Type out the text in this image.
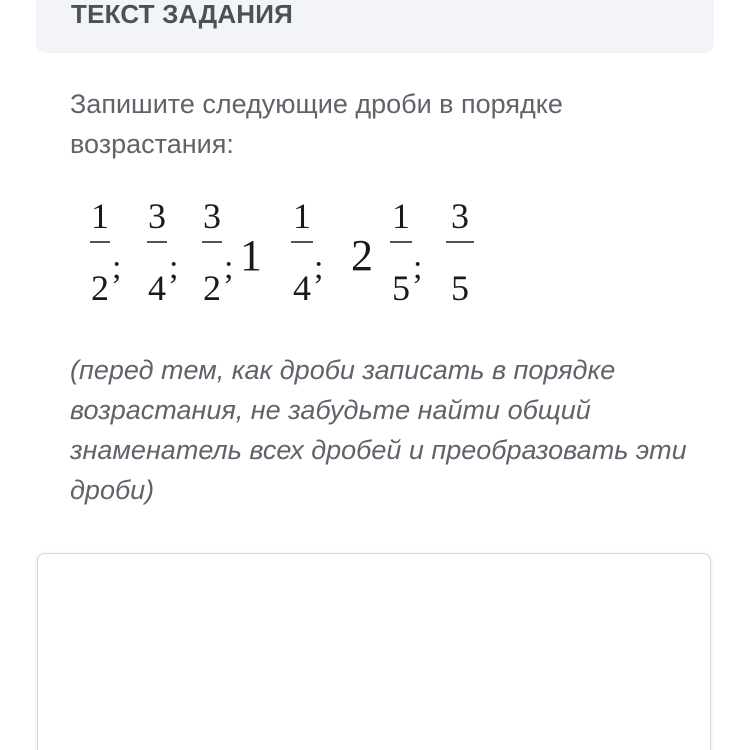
ТЕКСТ ЗАДАНИЯ

Запишите следующие дроби в порядке возрастания:

1
2
;
3
4
;
3
2
; 1
1
4
; 2
1
5
;
3
5

(перед тем, как дроби записать в порядке возрастания, не забудьте найти общий знаменатель всех дробей и преобразовать эти дроби)
